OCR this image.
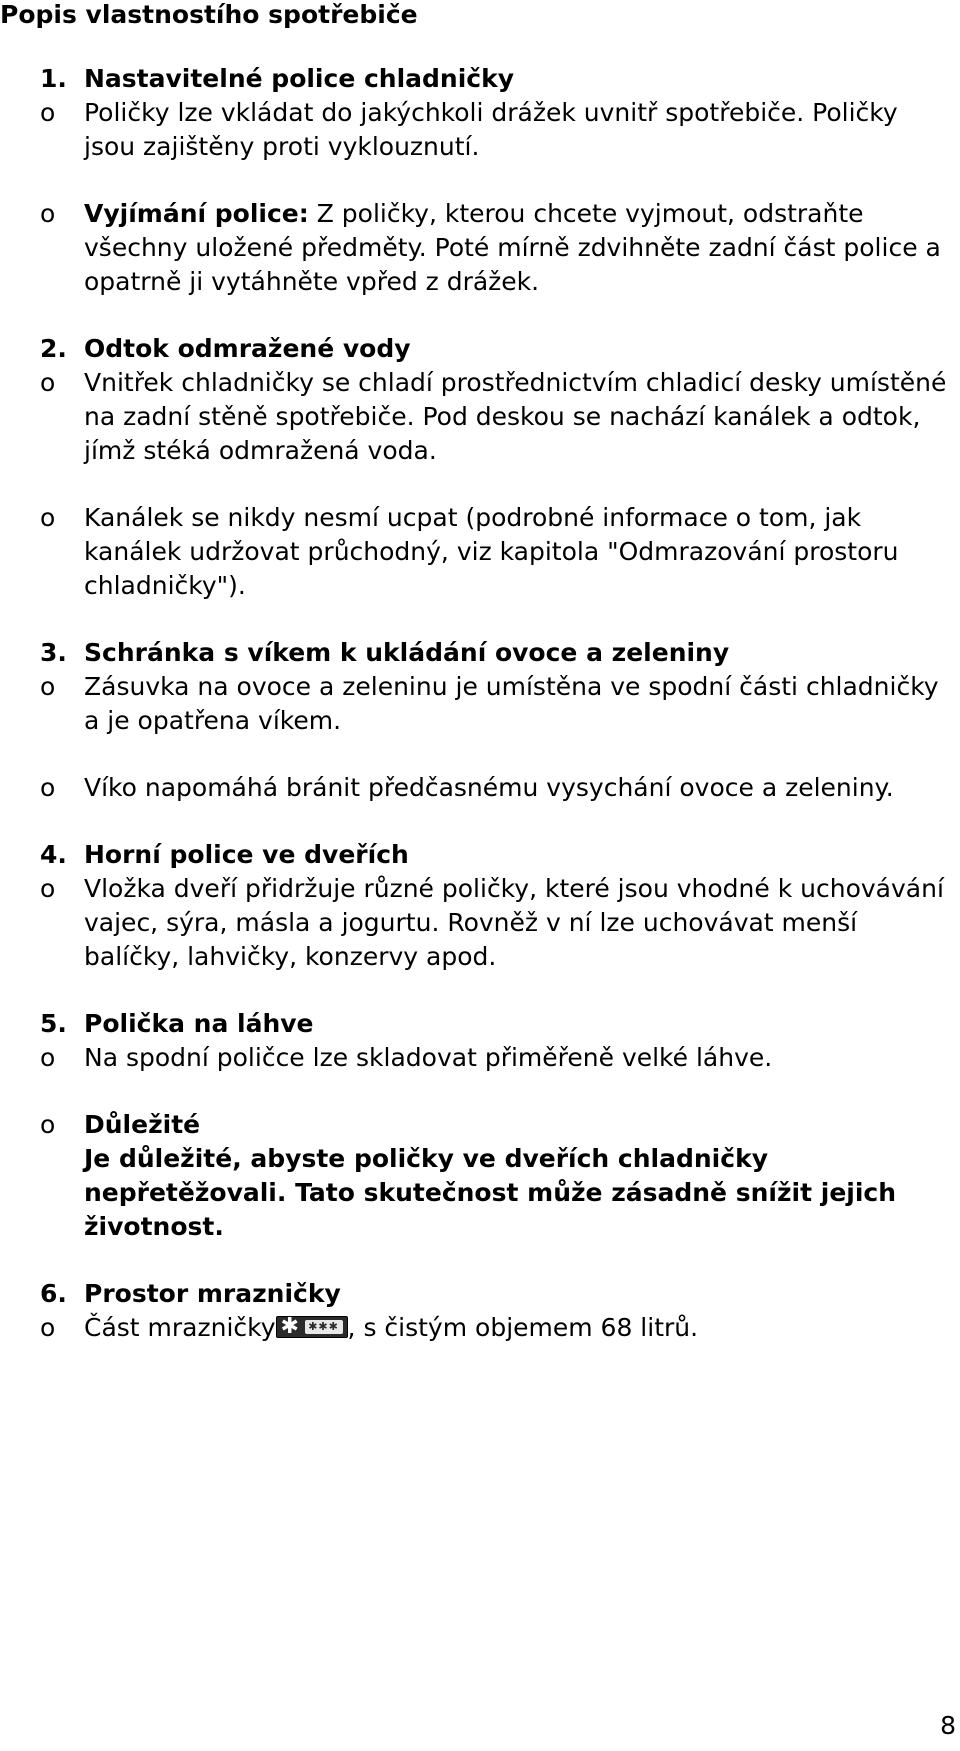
Popis vlastnostího spotřebiče
1. Nastavitelné police chladničky
o	Poličky lze vkládat do jakýchkoli drážek uvnitř spotřebiče. Poličky jsou zajištěny proti vyklouznutí.
o	Vyjímání police: Z poličky, kterou chcete vyjmout, odstraňte všechny uložené předměty. Poté mírně zdvihněte zadní část police a opatrně ji vytáhněte vpřed z drážek.
2. Odtok odmražené vody
o	Vnitřek chladničky se chladí prostřednictvím chladicí desky umístěné na zadní stěně spotřebiče. Pod deskou se nachází kanálek a odtok, jímž stéká odmražená voda.
o	Kanálek se nikdy nesmí ucpat (podrobné informace o tom, jak kanálek udržovat průchodný, viz kapitola "Odmrazování prostoru chladničky").
3. Schránka s víkem k ukládání ovoce a zeleniny
o	Zásuvka na ovoce a zeleninu je umístěna ve spodní části chladničky a je opatřena víkem.
o	Víko napomáhá bránit předčasnému vysychání ovoce a zeleniny.
4. Horní police ve dveřích
o	Vložka dveří přidržuje různé poličky, které jsou vhodné k uchovávání vajec, sýra, másla a jogurtu. Rovněž v ní lze uchovávat menší balíčky, lahvičky, konzervy apod.
5. Polička na láhve
o	Na spodní poličce lze skladovat přiměřeně velké láhve.
o	Důležité
Je důležité, abyste poličky ve dveřích chladničky nepřetěžovali. Tato skutečnost může zásadně snížit jejich životnost.
6. Prostor mrazničky
o	Část mrazničky ✱ ✱✱✱ , s čistým objemem 68 litrů.
8
